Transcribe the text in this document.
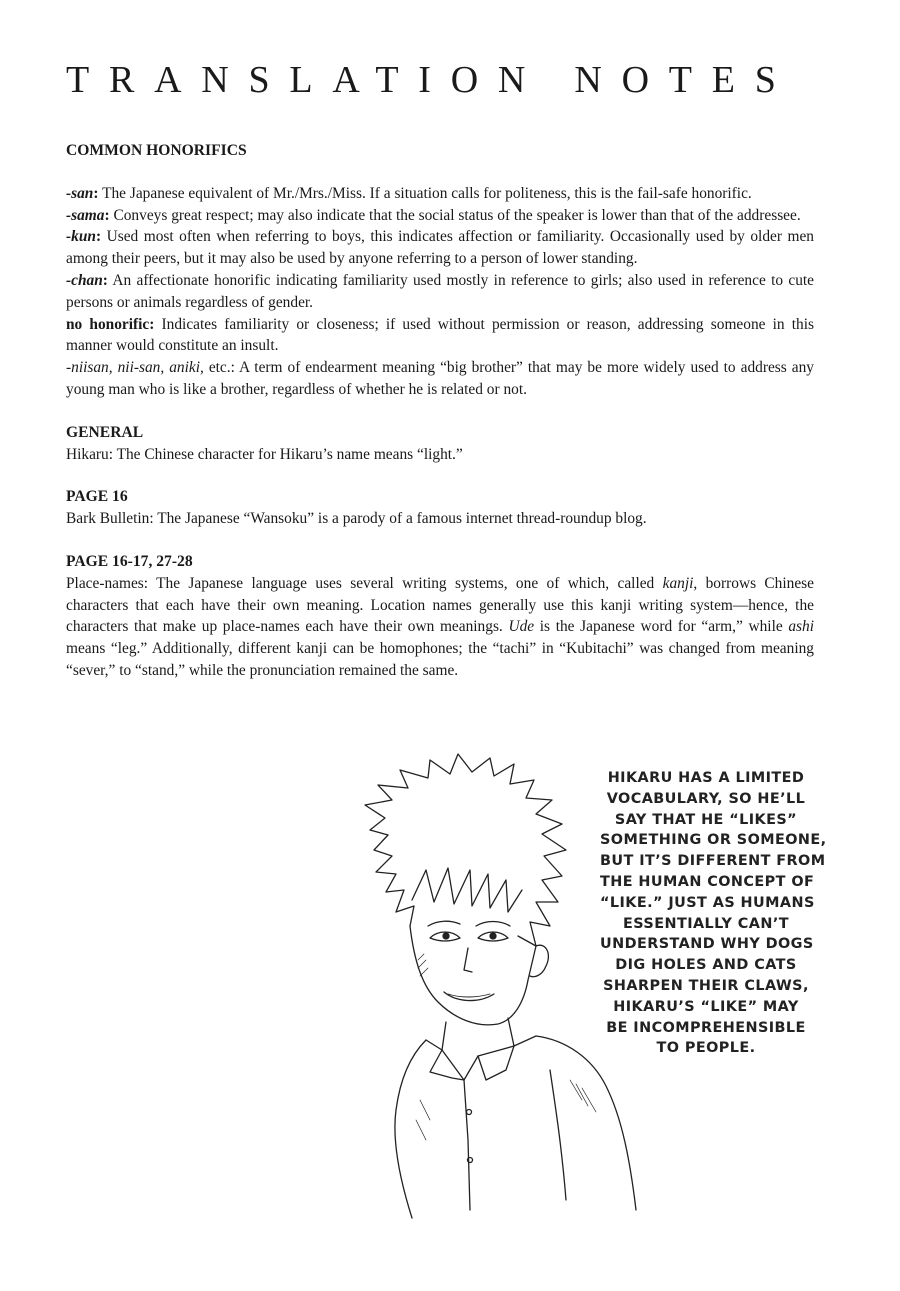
TRANSLATION NOTES

COMMON HONORIFICS

-san: The Japanese equivalent of Mr./Mrs./Miss. If a situation calls for politeness, this is the fail-safe honorific.

-sama: Conveys great respect; may also indicate that the social status of the speaker is lower than that of the addressee.

-kun: Used most often when referring to boys, this indicates affection or familiarity. Occasionally used by older men among their peers, but it may also be used by anyone referring to a person of lower standing.

-chan: An affectionate honorific indicating familiarity used mostly in reference to girls; also used in reference to cute persons or animals regardless of gender.

no honorific: Indicates familiarity or closeness; if used without permission or reason, addressing someone in this manner would constitute an insult.

-niisan, nii-san, aniki, etc.: A term of endearment meaning “big brother” that may be more widely used to address any young man who is like a brother, regardless of whether he is related or not.

GENERAL

Hikaru: The Chinese character for Hikaru’s name means “light.”

PAGE 16

Bark Bulletin: The Japanese “Wansoku” is a parody of a famous internet thread-roundup blog.

PAGE 16-17, 27-28

Place-names: The Japanese language uses several writing systems, one of which, called kanji, borrows Chinese characters that each have their own meaning. Location names generally use this kanji writing system—hence, the characters that make up place-names each have their own meanings. Ude is the Japanese word for “arm,” while ashi means “leg.” Additionally, different kanji can be homophones; the “tachi” in “Kubitachi” was changed from meaning “sever,” to “stand,” while the pronunciation remained the same.

HIKARU HAS A LIMITED
VOCABULARY, SO HE’LL
SAY THAT HE “LIKES”
SOMETHING OR SOMEONE,
BUT IT’S DIFFERENT FROM
THE HUMAN CONCEPT OF
“LIKE.” JUST AS HUMANS
ESSENTIALLY CAN’T
UNDERSTAND WHY DOGS
DIG HOLES AND CATS
SHARPEN THEIR CLAWS,
HIKARU’S “LIKE” MAY
BE INCOMPREHENSIBLE
TO PEOPLE.
